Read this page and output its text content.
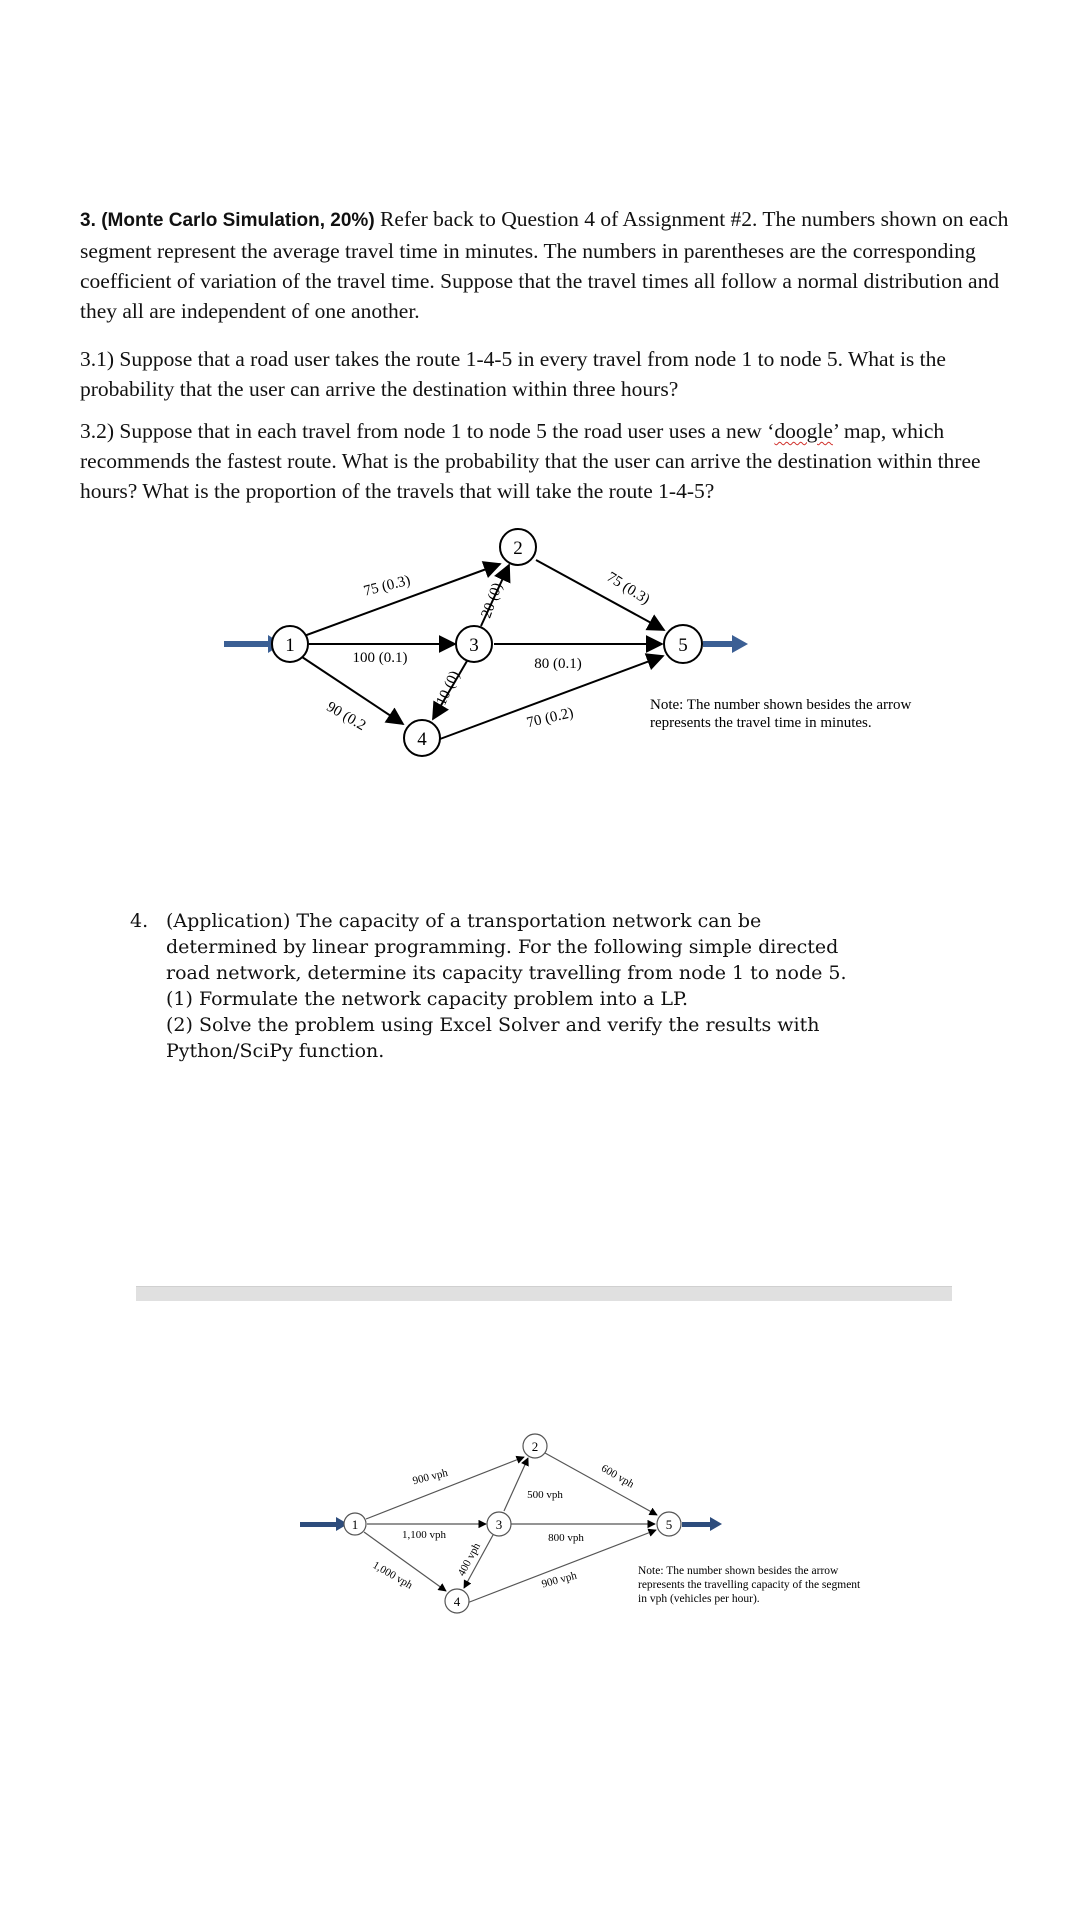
3. (Monte Carlo Simulation, 20%) Refer back to Question 4 of Assignment #2. The numbers shown on each segment represent the average travel time in minutes. The numbers in parentheses are the corresponding coefficient of variation of the travel time. Suppose that the travel times all follow a normal distribution and they all are independent of one another.

3.1) Suppose that a road user takes the route 1-4-5 in every travel from node 1 to node 5. What is the probability that the user can arrive the destination within three hours?

3.2) Suppose that in each travel from node 1 to node 5 the road user uses a new ‘doogle’ map, which recommends the fastest route. What is the probability that the user can arrive the destination within three hours? What is the proportion of the travels that will take the route 1-4-5?

1
2
3
4
5
75 (0.3)
100 (0.1)
90 (0.2
20 (0)
10 (0)
75 (0.3)
80 (0.1)
70 (0.2)	Note: The number shown besides the arrow
represents the travel time in minutes.
1
2
3
4
5
900 vph
1,100 vph
1,000 vph
500 vph
400 vph
600 vph
800 vph
900 vph	Note: The number shown besides the arrow
represents the travelling capacity of the segment
in vph (vehicles per hour).
4. (Application) The capacity of a transportation network can be
determined by linear programming. For the following simple directed
road network, determine its capacity travelling from node 1 to node 5.
(1) Formulate the network capacity problem into a LP.
(2) Solve the problem using Excel Solver and verify the results with
Python/SciPy function.
